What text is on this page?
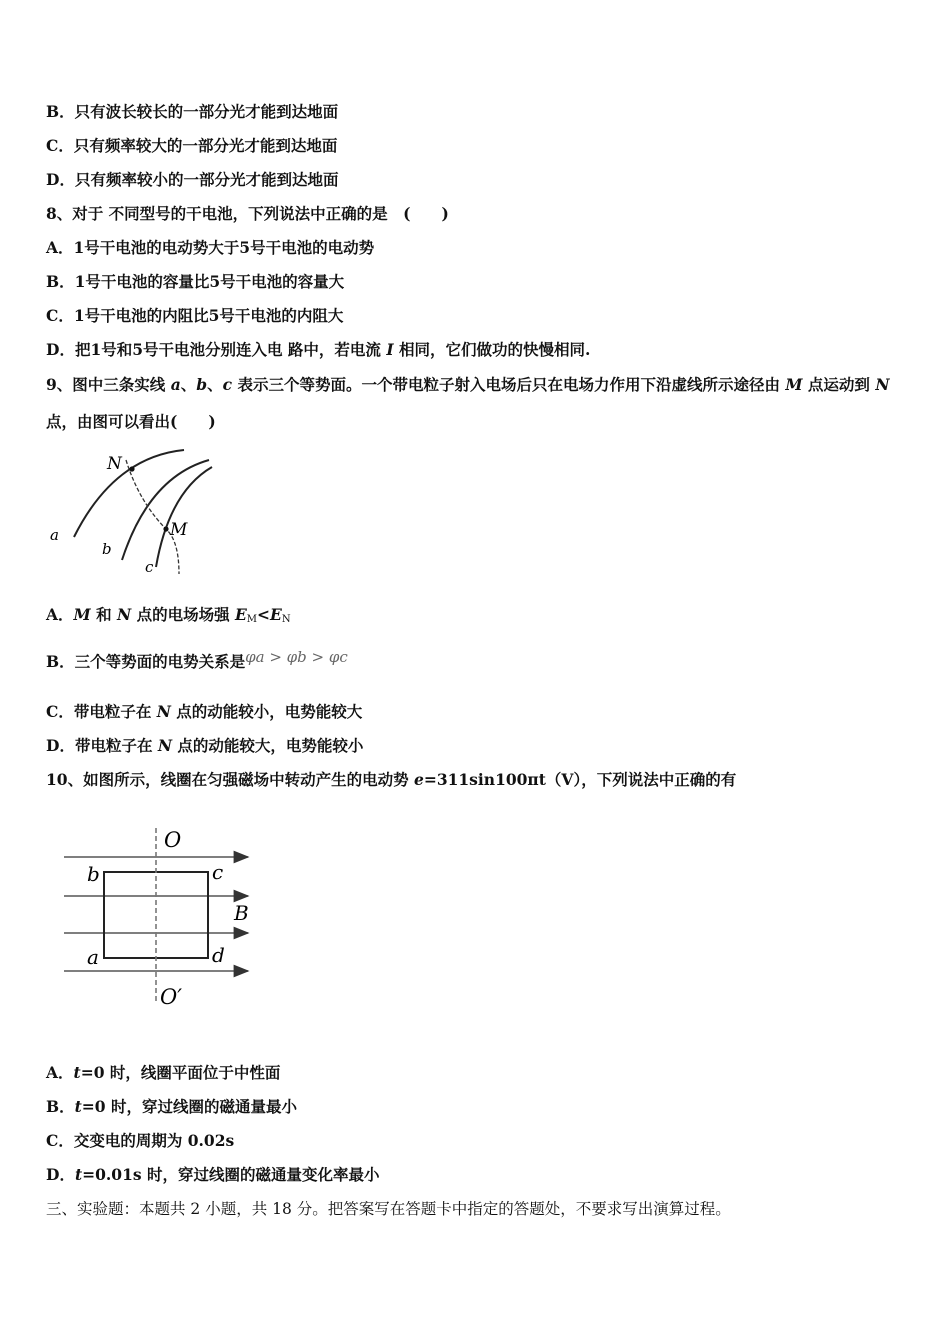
B．只有波长较长的一部分光才能到达地面
C．只有频率较大的一部分光才能到达地面
D．只有频率较小的一部分光才能到达地面
8、对于 不同型号的干电池，下列说法中正确的是　(　　)
A．1号干电池的电动势大于5号干电池的电动势
B．1号干电池的容量比5号干电池的容量大
C．1号干电池的内阻比5号干电池的内阻大
D．把1号和5号干电池分别连入电 路中，若电流 I 相同，它们做功的快慢相同.
9、图中三条实线 a、b、c 表示三个等势面。一个带电粒子射入电场后只在电场力作用下沿虚线所示途径由 M 点运动到 N
点，由图可以看出(　　)
N
M
a
b
c
A．M 和 N 点的电场场强 $E_M<E_N$
B．三个等势面的电势关系是φa > φb > φc
C．带电粒子在 N 点的动能较小，电势能较大
D．带电粒子在 N 点的动能较大，电势能较小
10、如图所示，线圈在匀强磁场中转动产生的电动势 e=311sin100πt（V），下列说法中正确的有
O
O′
b	c
a	d
B
A．t=0 时，线圈平面位于中性面
B．t=0 时，穿过线圈的磁通量最小
C．交变电的周期为 0.02s
D．t=0.01s 时，穿过线圈的磁通量变化率最小
三、实验题：本题共 2 小题，共 18 分。把答案写在答题卡中指定的答题处，不要求写出演算过程。
